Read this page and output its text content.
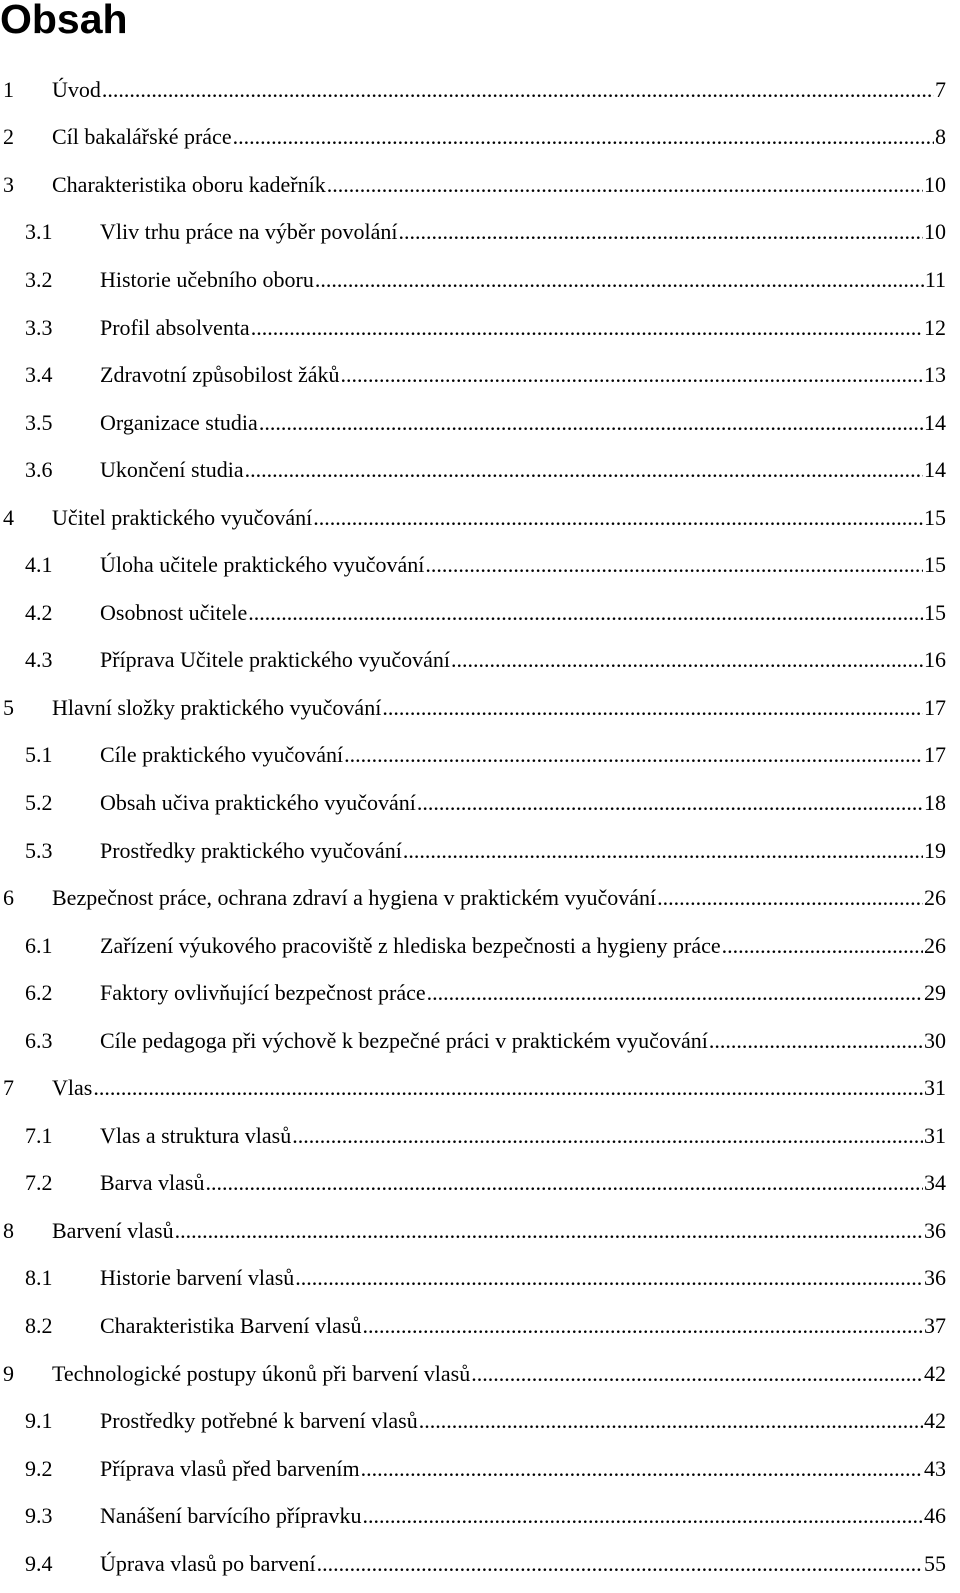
Obsah
1	Úvod .....	7
2	Cíl bakalářské práce .....	8
3	Charakteristika oboru kadeřník .....	10
3.1	Vliv trhu práce na výběr povolání .....	10
3.2	Historie učebního oboru .....	11
3.3	Profil absolventa .....	12
3.4	Zdravotní způsobilost žáků .....	13
3.5	Organizace studia .....	14
3.6	Ukončení studia .....	14
4	Učitel praktického vyučování .....	15
4.1	Úloha učitele praktického vyučování .....	15
4.2	Osobnost učitele .....	15
4.3	Příprava Učitele praktického vyučování .....	16
5	Hlavní složky praktického vyučování .....	17
5.1	Cíle praktického vyučování .....	17
5.2	Obsah učiva praktického vyučování .....	18
5.3	Prostředky praktického vyučování .....	19
6	Bezpečnost práce, ochrana zdraví a hygiena v praktickém vyučování .....	26
6.1	Zařízení výukového pracoviště z hlediska bezpečnosti a hygieny práce .....	26
6.2	Faktory ovlivňující bezpečnost práce .....	29
6.3	Cíle pedagoga při výchově k bezpečné práci v praktickém vyučování .....	30
7	Vlas .....	31
7.1	Vlas a struktura vlasů .....	31
7.2	Barva vlasů .....	34
8	Barvení vlasů .....	36
8.1	Historie barvení vlasů .....	36
8.2	Charakteristika Barvení vlasů .....	37
9	Technologické postupy úkonů při barvení vlasů .....	42
9.1	Prostředky potřebné k barvení vlasů .....	42
9.2	Příprava vlasů před barvením .....	43
9.3	Nanášení barvícího přípravku .....	46
9.4	Úprava vlasů po barvení .....	55
